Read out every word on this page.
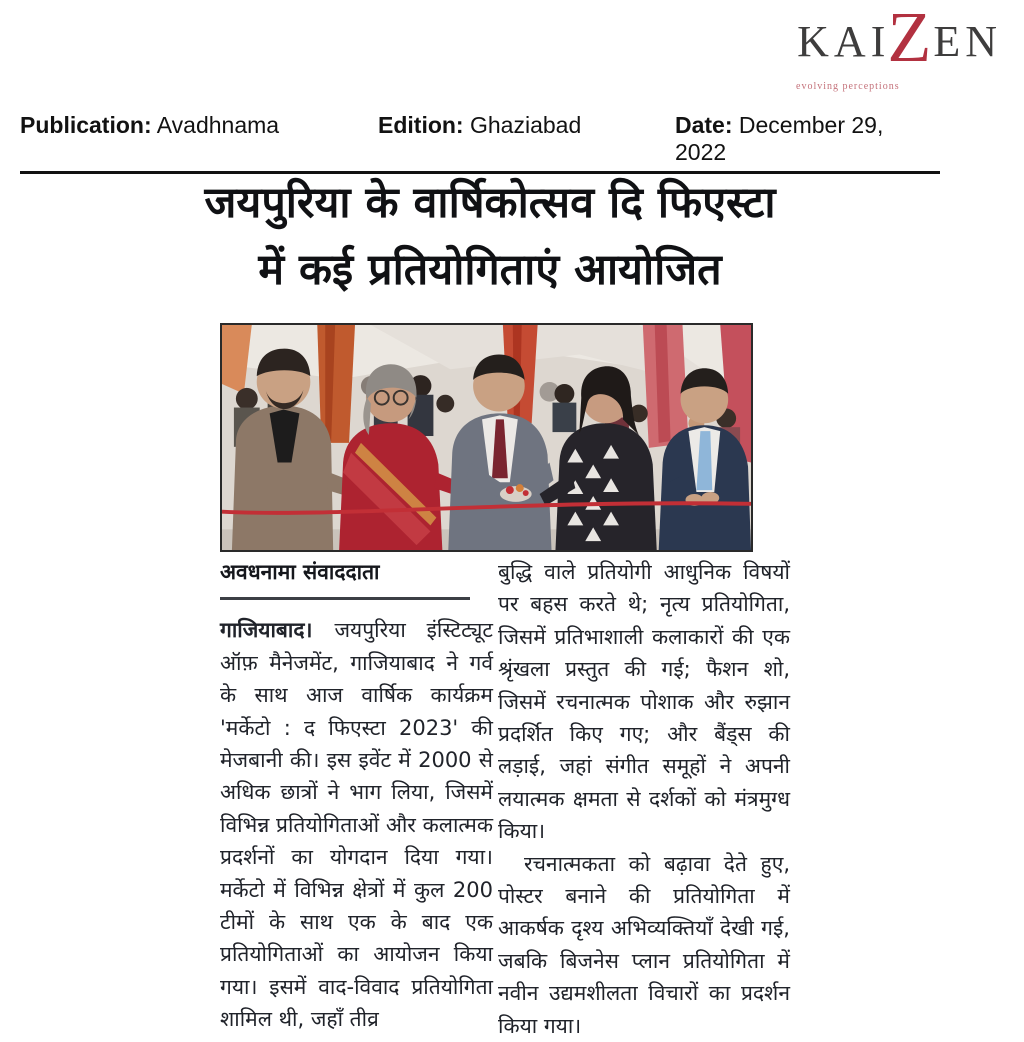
KAI
Z
EN
evolving perceptions
Publication: Avadhnama	Edition: Ghaziabad	Date: December 29, 2022
जयपुरिया के वार्षिकोत्सव दि फिएस्टा
में कई प्रतियोगिताएं आयोजित
अवधनामा संवाददाता

गाजियाबाद। जयपुरिया इंस्टिट्यूट ऑफ़ मैनेजमेंट, गाजियाबाद ने गर्व के साथ आज वार्षिक कार्यक्रम 'मर्केटो : द फिएस्टा 2023' की मेजबानी की। इस इवेंट में 2000 से अधिक छात्रों ने भाग लिया, जिसमें विभिन्न प्रतियोगिताओं और कलात्मक प्रदर्शनों का योगदान दिया गया। मर्केटो में विभिन्न क्षेत्रों में कुल 200 टीमों के साथ एक के बाद एक प्रतियोगिताओं का आयोजन किया गया। इसमें वाद-विवाद प्रतियोगिता शामिल थी, जहाँ तीव्र

बुद्धि वाले प्रतियोगी आधुनिक विषयों पर बहस करते थे; नृत्य प्रतियोगिता, जिसमें प्रतिभाशाली कलाकारों की एक श्रृंखला प्रस्तुत की गई; फैशन शो, जिसमें रचनात्मक पोशाक और रुझान प्रदर्शित किए गए; और बैंड्स की लड़ाई, जहां संगीत समूहों ने अपनी लयात्मक क्षमता से दर्शकों को मंत्रमुग्ध किया।

रचनात्मकता को बढ़ावा देते हुए, पोस्टर बनाने की प्रतियोगिता में आकर्षक दृश्य अभिव्यक्तियाँ देखी गई, जबकि बिजनेस प्लान प्रतियोगिता में नवीन उद्यमशीलता विचारों का प्रदर्शन किया गया।
